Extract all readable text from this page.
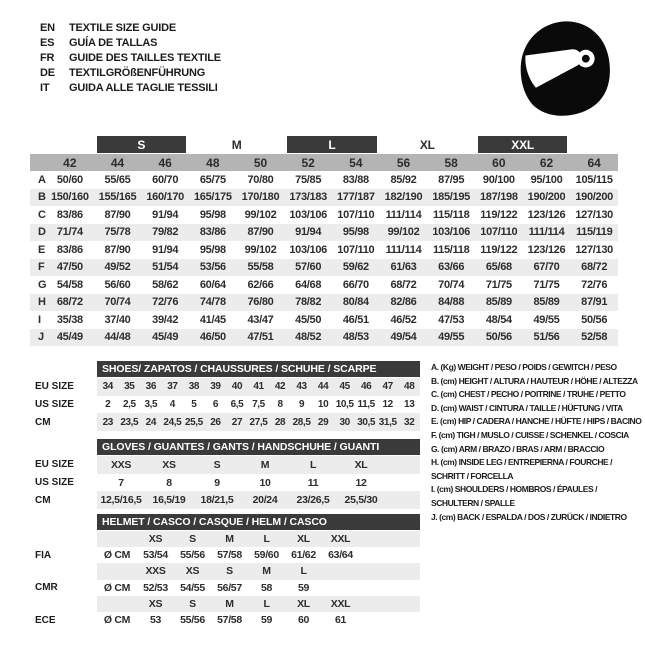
EN	TEXTILE SIZE GUIDE
ES	GUÍA DE TALLAS
FR	GUIDE DES TAILLES TEXTILE
DE	TEXTILGRÖßENFÜHRUNG
IT	GUIDA ALLE TAGLIE TESSILI
S	M	L	XL	XXL
42	44	46	48	50	52	54	56	58	60	62	64
A 50/60	55/65	60/70	65/75	70/80	75/85	83/88	85/92	87/95	90/100	95/100	105/115
B 150/160 155/165 160/170 165/175 170/180 173/183 177/187 182/190 185/195 187/198 190/200 190/200
C 83/86	87/90	91/94	95/98	99/102	103/106 107/110	111/114	115/118 119/122 123/126 127/130
D 71/74	75/78	79/82	83/86	87/90	91/94	95/98	99/102	103/106 107/110	111/114	115/119
E	83/86	87/90	91/94	95/98	99/102	103/106 107/110	111/114	115/118 119/122 123/126 127/130
F	47/50	49/52	51/54	53/56	55/58	57/60	59/62	61/63	63/66	65/68	67/70	68/72
G 54/58	56/60	58/62	60/64	62/66	64/68	66/70	68/72	70/74	71/75	71/75	72/76
H 68/72	70/74	72/76	74/78	76/80	78/82	80/84	82/86	84/88	85/89	85/89	87/91
I	35/38	37/40	39/42	41/45	43/47	45/50	46/51	46/52	47/53	48/54	49/55	50/56
J	45/49	44/48	45/49	46/50	47/51	48/52	48/53	49/54	49/55	50/56	51/56	52/58
SHOES/ ZAPATOS / CHAUSSURES / SCHUHE / SCARPE
EU SIZE	34	35	36	37	38	39	40	41	42	43	44	45	46	47	48
US SIZE	2	2,5 3,5	4	5	6	6,5 7,5	8	9	10 10,5 11,5 12	13
CM	23 23,5 24 24,5 25,5 26	27 27,5 28 28,5 29	30 30,5 31,5 32
GLOVES / GUANTES / GANTS / HANDSCHUHE / GUANTI
EU SIZE	XXS	XS	S	M	L	XL
US SIZE	7	8	9	10	11	12
CM	12,5/16,5	16,5/19	18/21,5	20/24	23/26,5	25,5/30
HELMET / CASCO / CASQUE / HELM / CASCO
XS	S	M	L	XL	XXL
FIA	Ø CM	53/54	55/56	57/58	59/60	61/62	63/64
XXS	XS	S	M	L
CMR	Ø CM	52/53	54/55	56/57	58	59
XS	S	M	L	XL	XXL
ECE	Ø CM	53	55/56	57/58	59	60	61
A. (Kg) WEIGHT / PESO / POIDS / GEWITCH / PESO
B. (cm) HEIGHT / ALTURA / HAUTEUR / HÖHE / ALTEZZA
C. (cm) CHEST / PECHO / POITRINE / TRUHE / PETTO
D. (cm) WAIST / CINTURA / TAILLE / HÜFTUNG / VITA
E. (cm) HIP / CADERA / HANCHE / HÜFTE / HIPS / BACINO
F. (cm) TIGH / MUSLO / CUISSE / SCHENKEL / COSCIA
G. (cm) ARM / BRAZO / BRAS / ARM / BRACCIO
H. (cm) INSIDE LEG / ENTREPIERNA / FOURCHE / SCHRITT / FORCELLA
I. (cm) SHOULDERS / HOMBROS / ÉPAULES / SCHULTERN / SPALLE
J. (cm) BACK / ESPALDA / DOS / ZURÜCK / INDIETRO
